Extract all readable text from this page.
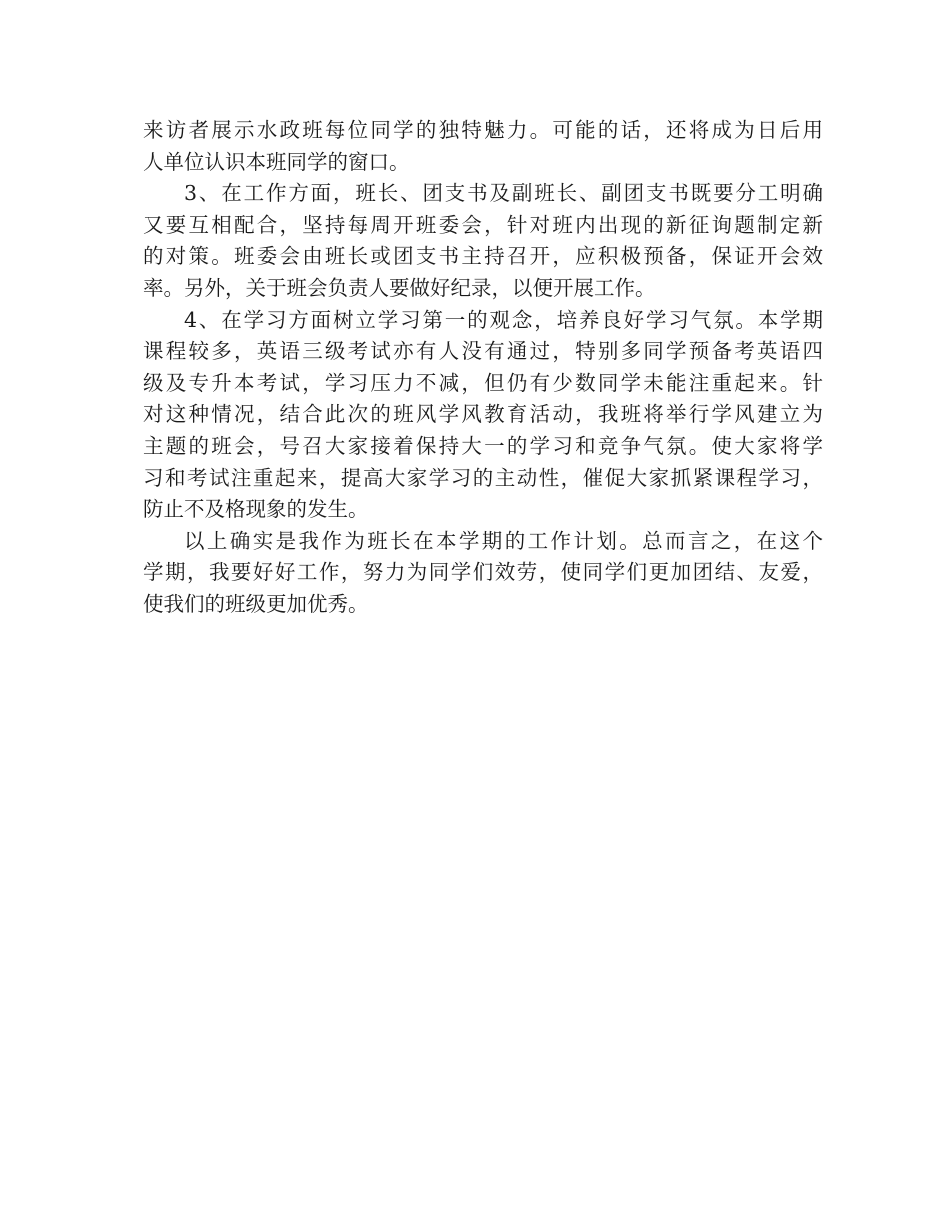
来访者展示水政班每位同学的独特魅力。可能的话，还将成为日后用
人单位认识本班同学的窗口。
3、在工作方面，班长、团支书及副班长、副团支书既要分工明确
又要互相配合，坚持每周开班委会，针对班内出现的新征询题制定新
的对策。班委会由班长或团支书主持召开，应积极预备，保证开会效
率。另外，关于班会负责人要做好纪录，以便开展工作。
4、在学习方面树立学习第一的观念，培养良好学习气氛。本学期
课程较多，英语三级考试亦有人没有通过，特别多同学预备考英语四
级及专升本考试，学习压力不减，但仍有少数同学未能注重起来。针
对这种情况，结合此次的班风学风教育活动，我班将举行学风建立为
主题的班会，号召大家接着保持大一的学习和竞争气氛。使大家将学
习和考试注重起来，提高大家学习的主动性，催促大家抓紧课程学习，
防止不及格现象的发生。
以上确实是我作为班长在本学期的工作计划。总而言之，在这个
学期，我要好好工作，努力为同学们效劳，使同学们更加团结、友爱，
使我们的班级更加优秀。
